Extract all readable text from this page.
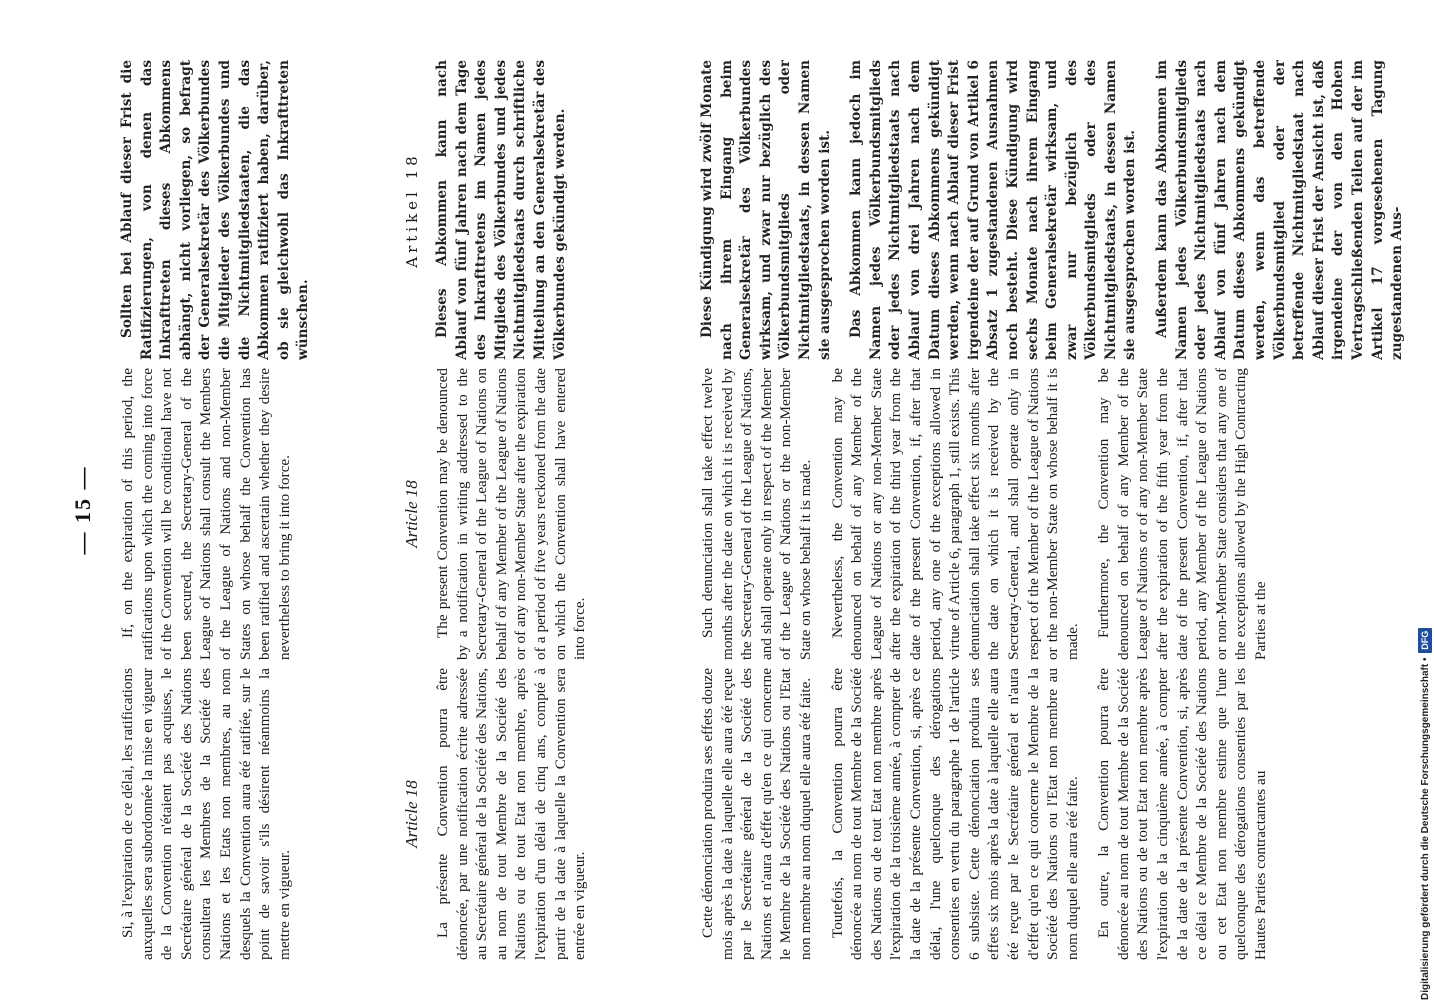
— 15 —

Si, à l'expiration de ce délai, les ratifications auxquelles sera subordonnée la mise en vigueur de la Convention n'étaient pas acquises, le Secrétaire général de la Société des Nations consultera les Membres de la Société des Nations et les Etats non membres, au nom desquels la Convention aura été ratifiée, sur le point de savoir s'ils désirent néanmoins la mettre en vigueur.

Article 18 La présente Convention pourra être dénoncée, par une notification écrite adressée au Secrétaire général de la Société des Nations, au nom de tout Membre de la Société des Nations ou de tout Etat non membre, après l'expiration d'un délai de cinq ans, compté à partir de la date à laquelle la Convention sera entrée en vigueur.	Cette dénonciation produira ses effets douze mois après la date à laquelle elle aura été reçue par le Secrétaire général de la Société des Nations et n'aura d'effet qu'en ce qui concerne le Membre de la Société des Nations ou l'Etat non membre au nom duquel elle aura été faite. Toutefois, la Convention pourra être dénoncée au nom de tout Membre de la Société des Nations ou de tout Etat non membre après l'expiration de la troisième année, à compter de la date de la présente Convention, si, après ce délai, l'une quelconque des dérogations consenties en vertu du paragraphe 1 de l'article 6 subsiste. Cette dénonciation produira ses effets six mois après la date à laquelle elle aura été reçue par le Secrétaire général et n'aura d'effet qu'en ce qui concerne le Membre de la Société des Nations ou l'Etat non membre au nom duquel elle aura été faite. En outre, la Convention pourra être dénoncée au nom de tout Membre de la Société des Nations ou de tout Etat non membre après l'expiration de la cinquième année, à compter de la date de la présente Convention, si, après ce délai ce Membre de la Société des Nations ou cet Etat non membre estime que l'une quelconque des dérogations consenties par les Hautes Parties contractantes au

If, on the expiration of this period, the ratifications upon which the coming into force of the Convention will be conditional have not been secured, the Secretary-General of the League of Nations shall consult the Members of the League of Nations and non-Member States on whose behalf the Convention has been ratified and ascertain whether they desire nevertheless to bring it into force.	Article 18 The present Convention may be denounced by a notification in writing addressed to the Secretary-General of the League of Nations on behalf of any Member of the League of Nations or of any non-Member State after the expiration of a period of five years reckoned from the date on which the Convention shall have entered into force.	Such denunciation shall take effect twelve months after the date on which it is received by the Secretary-General of the League of Nations, and shall operate only in respect of the Member of the League of Nations or the non-Member State on whose behalf it is made. Nevertheless, the Convention may be denounced on behalf of any Member of the League of Nations or any non-Member State after the expiration of the third year from the date of the present Convention, if, after that period, any one of the exceptions allowed in virtue of Article 6, paragraph 1, still exists. This denunciation shall take effect six months after the date on which it is received by the Secretary-General, and shall operate only in respect of the Member of the League of Nations or the non-Member State on whose behalf it is made.

Furthermore, the Convention may be denounced on behalf of any Member of the League of Nations or of any non-Member State after the expiration of the fifth year from the date of the present Convention, if, after that period, any Member of the League of Nations or non-Member State considers that any one of the exceptions allowed by the High Contracting Parties at the

Sollten bei Ablauf dieser Frist die Ratifizierungen, von denen das Inkrafttreten dieses Abkommens abhängt, nicht vorliegen, so befragt der Generalsekretär des Völkerbundes die Mitglieder des Völkerbundes und die Nichtmitgliedstaaten, die das Abkommen ratifiziert haben, darüber, ob sie gleichwohl das Inkrafttreten wünschen.

Artikel 18 Dieses Abkommen kann nach Ablauf von fünf Jahren nach dem Tage des Inkrafttretens im Namen jedes Mitglieds des Völkerbundes und jedes Nichtmitgliedstaats durch schriftliche Mitteilung an den Generalsekretär des Völkerbundes gekündigt werden.	Diese Kündigung wird zwölf Monate nach ihrem Eingang beim Generalsekretär des Völkerbundes wirksam, und zwar nur bezüglich des Völkerbundsmitglieds oder Nichtmitgliedstaats, in dessen Namen sie ausgesprochen worden ist. Das Abkommen kann jedoch im Namen jedes Völkerbundsmitglieds oder jedes Nichtmitgliedstaats nach Ablauf von drei Jahren nach dem Datum dieses Abkommens gekündigt werden, wenn nach Ablauf dieser Frist irgendeine der auf Grund von Artikel 6 Absatz 1 zugestandenen Ausnahmen noch besteht. Diese Kündigung wird sechs Monate nach ihrem Eingang beim Generalsekretär wirksam, und zwar nur bezüglich des Völkerbundsmitglieds oder des Nichtmitgliedstaats, in dessen Namen sie ausgesprochen worden ist. Außerdem kann das Abkommen im Namen jedes Völkerbundsmitglieds oder jedes Nichtmitgliedstaats nach Ablauf von fünf Jahren nach dem Datum dieses Abkommens gekündigt werden, wenn das betreffende Völkerbundsmitglied oder der betreffende Nichtmitgliedstaat nach Ablauf dieser Frist der Ansicht ist, daß irgendeine der von den Hohen Vertragschließenden Teilen auf der im Artikel 17 vorgesehenen Tagung zugestandenen Aus-

Digitalisierung gefördert durch die Deutsche Forschungsgemeinschaft • DFG
